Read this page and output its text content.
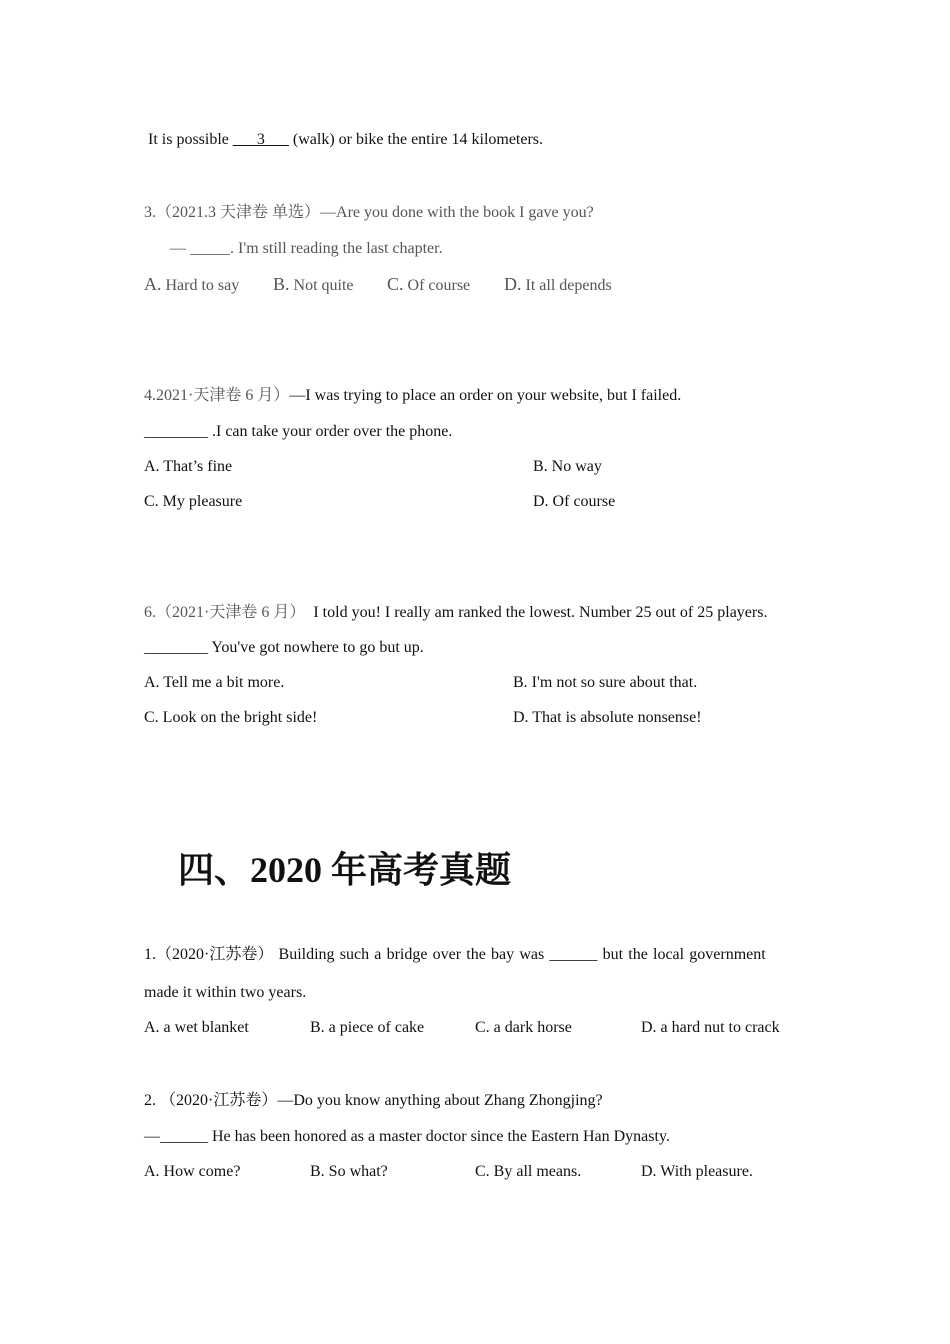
It is possible ___3___ (walk) or bike the entire 14 kilometers.
3.（2021.3 天津卷 单选）—Are you done with the book I gave you?
— _____. I'm still reading the last chapter.
A. Hard to say B. Not quite C. Of course D. It all depends
4.2021·天津卷 6 月）—I was trying to place an order on your website, but I failed.
________ .I can take your order over the phone.
A. That’s fine	B. No way
C. My pleasure	D. Of course
6.（2021·天津卷 6 月）  I told you! I really am ranked the lowest. Number 25 out of 25 players.
________ You've got nowhere to go but up.
A. Tell me a bit more.	B. I'm not so sure about that.
C. Look on the bright side!	D. That is absolute nonsense!
四、2020 年高考真题
1.（2020·江苏卷） Building such a bridge over the bay was ______ but the local government
made it within two years.
A. a wet blanket	B. a piece of cake	C. a dark horse	D. a hard nut to crack
2. （2020·江苏卷）—Do you know anything about Zhang Zhongjing?
—______ He has been honored as a master doctor since the Eastern Han Dynasty.
A. How come?	B. So what?	C. By all means.	D. With pleasure.
